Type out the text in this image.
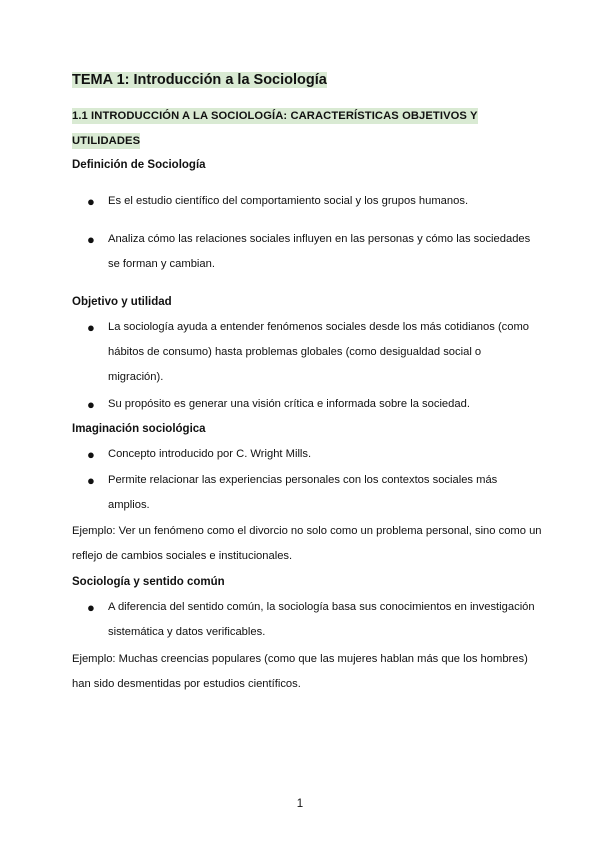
TEMA 1: Introducción a la Sociología
1.1 INTRODUCCIÓN A LA SOCIOLOGÍA: CARACTERÍSTICAS OBJETIVOS Y UTILIDADES
Definición de Sociología
● Es el estudio científico del comportamiento social y los grupos humanos.
● Analiza cómo las relaciones sociales influyen en las personas y cómo las sociedades se forman y cambian.
Objetivo y utilidad
● La sociología ayuda a entender fenómenos sociales desde los más cotidianos (como hábitos de consumo) hasta problemas globales (como desigualdad social o migración).
● Su propósito es generar una visión crítica e informada sobre la sociedad.
Imaginación sociológica
● Concepto introducido por C. Wright Mills.
● Permite relacionar las experiencias personales con los contextos sociales más amplios.
Ejemplo: Ver un fenómeno como el divorcio no solo como un problema personal, sino como un reflejo de cambios sociales e institucionales.
Sociología y sentido común
● A diferencia del sentido común, la sociología basa sus conocimientos en investigación sistemática y datos verificables.
Ejemplo: Muchas creencias populares (como que las mujeres hablan más que los hombres) han sido desmentidas por estudios científicos.
1
